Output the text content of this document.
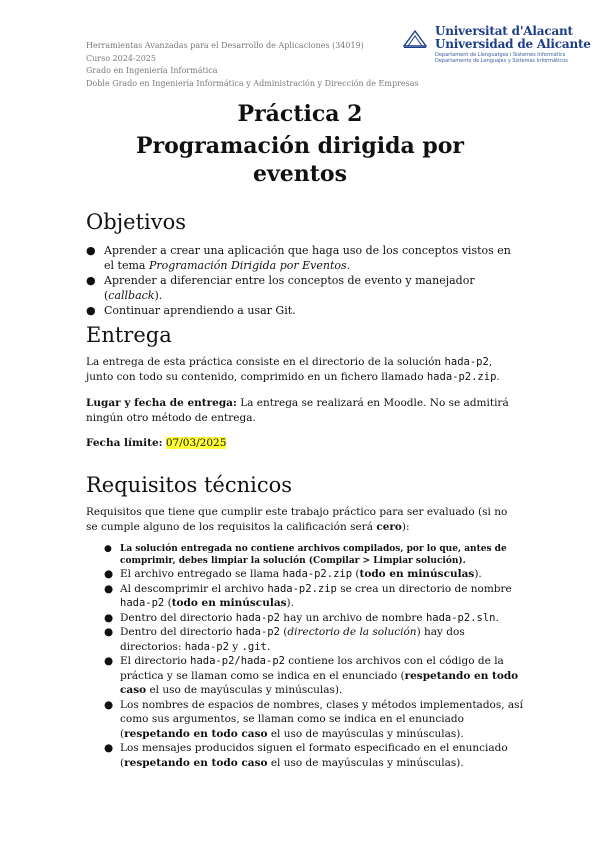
Herramientas Avanzadas para el Desarrollo de Aplicaciones (34019)
Curso 2024-2025
Grado en Ingeniería Informática
Doble Grado en Ingeniería Informática y Administración y Dirección de Empresas
Universitat d'Alacant
Universidad de Alicante
Departament de Llenguatges i Sistemes Informàtics
Departamento de Lenguajes y Sistemas Informáticos
Práctica 2
Programación dirigida por
eventos
Objetivos
● Aprender a crear una aplicación que haga uso de los conceptos vistos en el tema Programación Dirigida por Eventos.
● Aprender a diferenciar entre los conceptos de evento y manejador (callback).
● Continuar aprendiendo a usar Git.
Entrega
La entrega de esta práctica consiste en el directorio de la solución hada-p2, junto con todo su contenido, comprimido en un fichero llamado hada-p2.zip.
Lugar y fecha de entrega: La entrega se realizará en Moodle. No se admitirá ningún otro método de entrega.
Fecha límite: 07/03/2025
Requisitos técnicos
Requisitos que tiene que cumplir este trabajo práctico para ser evaluado (si no se cumple alguno de los requisitos la calificación será cero):
● La solución entregada no contiene archivos compilados, por lo que, antes de comprimir, debes limpiar la solución (Compilar > Limpiar solución).
● El archivo entregado se llama hada-p2.zip (todo en minúsculas).
● Al descomprimir el archivo hada-p2.zip se crea un directorio de nombre hada-p2 (todo en minúsculas).
● Dentro del directorio hada-p2 hay un archivo de nombre hada-p2.sln.
● Dentro del directorio hada-p2 (directorio de la solución) hay dos directorios: hada-p2 y .git.
● El directorio hada-p2/hada-p2 contiene los archivos con el código de la práctica y se llaman como se indica en el enunciado (respetando en todo caso el uso de mayúsculas y minúsculas).
● Los nombres de espacios de nombres, clases y métodos implementados, así como sus argumentos, se llaman como se indica en el enunciado (respetando en todo caso el uso de mayúsculas y minúsculas).
● Los mensajes producidos siguen el formato especificado en el enunciado (respetando en todo caso el uso de mayúsculas y minúsculas).
